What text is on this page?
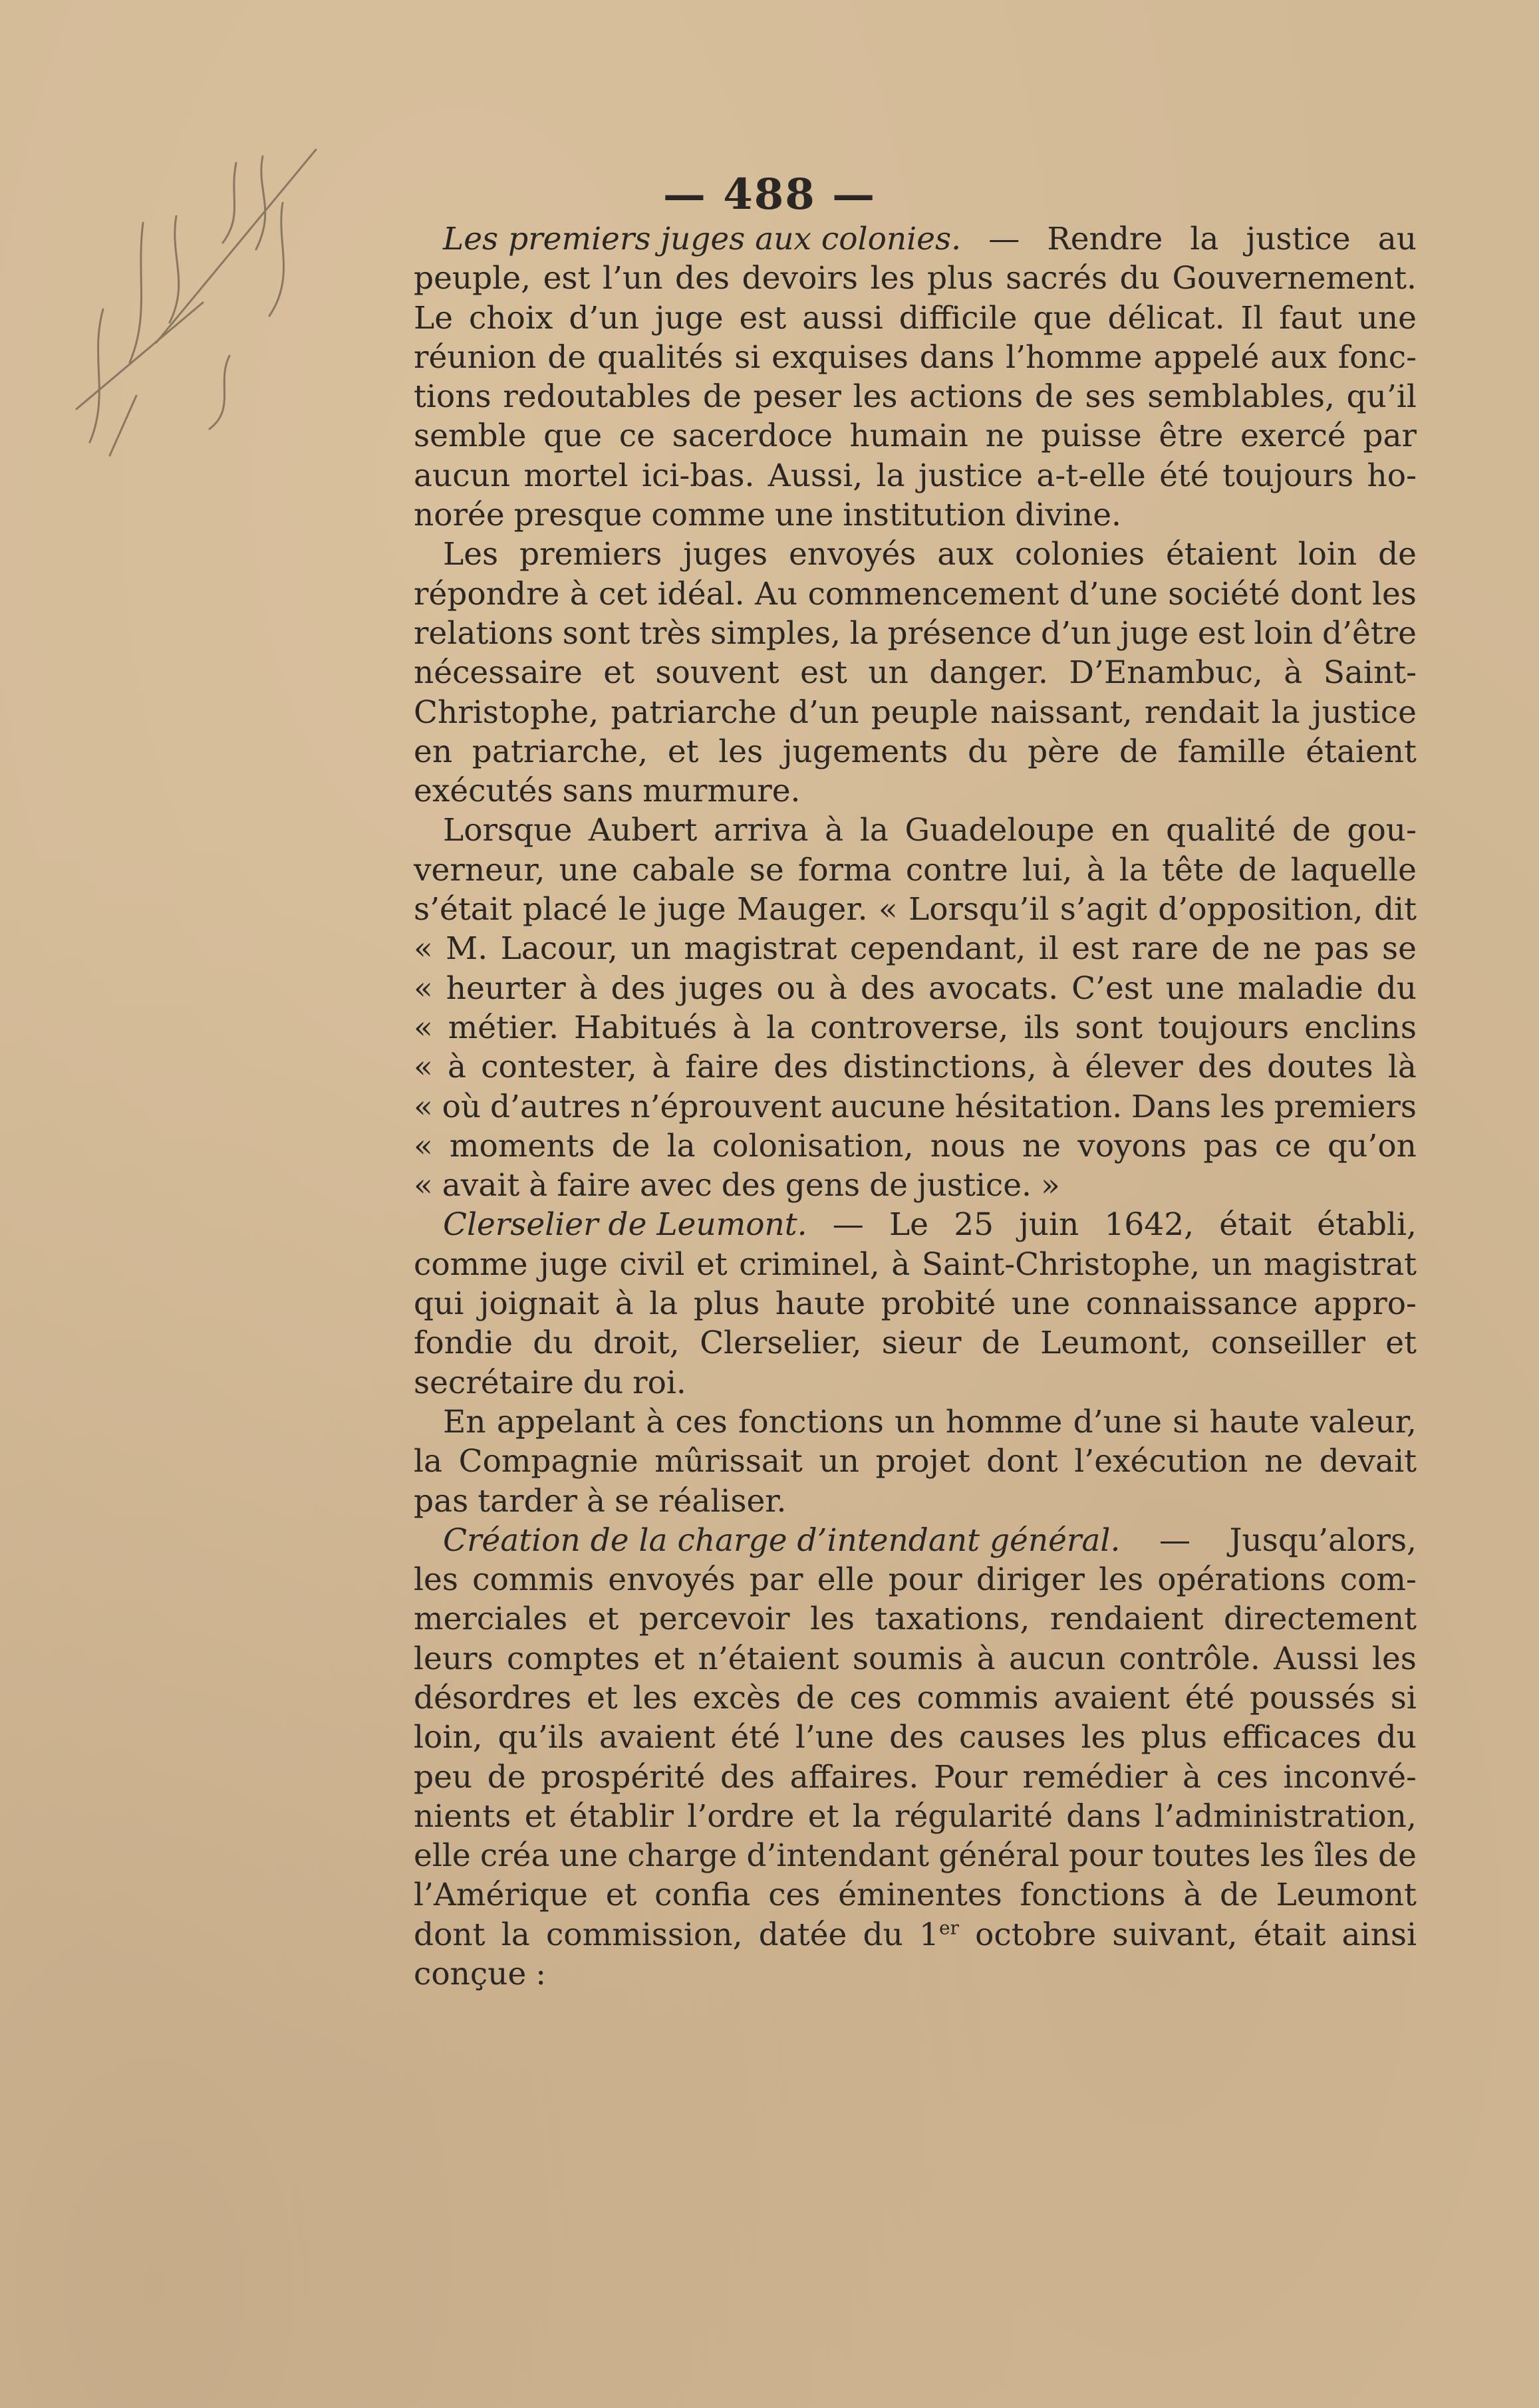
— 488 —
Les premiers juges aux colonies. — Rendre la justice au
peuple, est l’un des devoirs les plus sacrés du Gouvernement.
Le choix d’un juge est aussi difficile que délicat. Il faut une
réunion de qualités si exquises dans l’homme appelé aux fonc-
tions redoutables de peser les actions de ses semblables, qu’il
semble que ce sacerdoce humain ne puisse être exercé par
aucun mortel ici-bas. Aussi, la justice a-t-elle été toujours ho-
norée presque comme une institution divine.
Les premiers juges envoyés aux colonies étaient loin de
répondre à cet idéal. Au commencement d’une société dont les
relations sont très simples, la présence d’un juge est loin d’être
nécessaire et souvent est un danger. D’Enambuc, à Saint-
Christophe, patriarche d’un peuple naissant, rendait la justice
en patriarche, et les jugements du père de famille étaient
exécutés sans murmure.
Lorsque Aubert arriva à la Guadeloupe en qualité de gou-
verneur, une cabale se forma contre lui, à la tête de laquelle
s’était placé le juge Mauger. « Lorsqu’il s’agit d’opposition, dit
« M. Lacour, un magistrat cependant, il est rare de ne pas se
« heurter à des juges ou à des avocats. C’est une maladie du
« métier. Habitués à la controverse, ils sont toujours enclins
« à contester, à faire des distinctions, à élever des doutes là
« où d’autres n’éprouvent aucune hésitation. Dans les premiers
« moments de la colonisation, nous ne voyons pas ce qu’on
« avait à faire avec des gens de justice. »
Clerselier de Leumont. — Le 25 juin 1642, était établi,
comme juge civil et criminel, à Saint-Christophe, un magistrat
qui joignait à la plus haute probité une connaissance appro-
fondie du droit, Clerselier, sieur de Leumont, conseiller et
secrétaire du roi.
En appelant à ces fonctions un homme d’une si haute valeur,
la Compagnie mûrissait un projet dont l’exécution ne devait
pas tarder à se réaliser.
Création de la charge d’intendant général. — Jusqu’alors,
les commis envoyés par elle pour diriger les opérations com-
merciales et percevoir les taxations, rendaient directement
leurs comptes et n’étaient soumis à aucun contrôle. Aussi les
désordres et les excès de ces commis avaient été poussés si
loin, qu’ils avaient été l’une des causes les plus efficaces du
peu de prospérité des affaires. Pour remédier à ces inconvé-
nients et établir l’ordre et la régularité dans l’administration,
elle créa une charge d’intendant général pour toutes les îles de
l’Amérique et confia ces éminentes fonctions à de Leumont
dont la commission, datée du 1er octobre suivant, était ainsi
conçue :
